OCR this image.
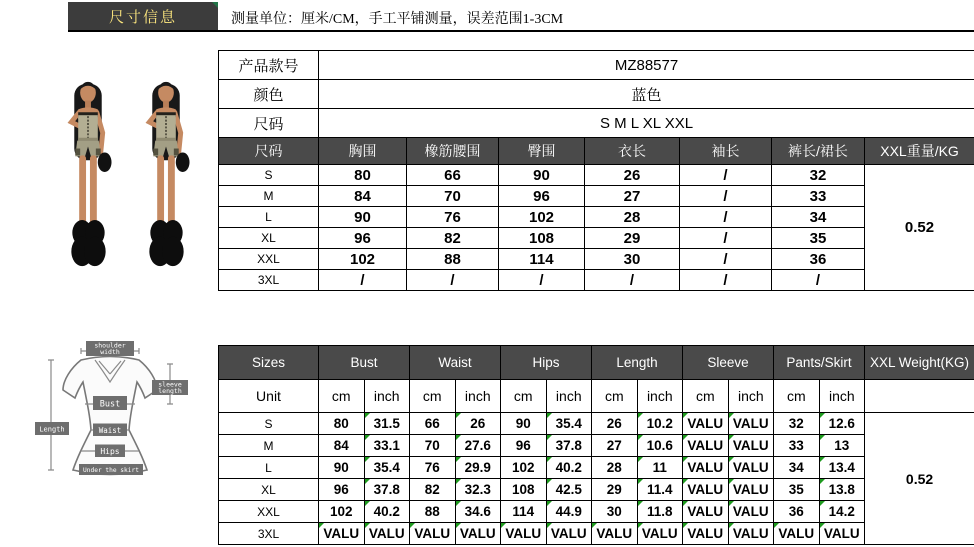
尺寸信息	测量单位：厘米/CM，手工平铺测量，误差范围1-3CM
产品款号	MZ88577						
颜色	蓝色						
尺码	S M L XL XXL						
尺码	胸围	橡筋腰围	臀围	衣长	袖长	裤长/裙长	XXL重量/KG
S	80	66	90	26	/	32	0.52
M	84	70	96	27	/	33	
L	90	76	102	28	/	34	
XL	96	82	108	29	/	35	
XXL	102	88	114	30	/	36	
3XL	/	/	/	/	/	/	
shoulder
width
sleeve
length
Bust
Waist
Hips
Length
Under the skirt
Sizes	Bust		Waist		Hips		Length		Sleeve		Pants/Skirt		XXL Weight(KG)
Unit	cm	inch	cm	inch	cm	inch	cm	inch	cm	inch	cm	inch	
S	80	31.5	66	26	90	35.4	26	10.2	VALU	VALU	32	12.6	0.52
M	84	33.1	70	27.6	96	37.8	27	10.6	VALU	VALU	33	13	

L	90	35.4	76	29.9	102	40.2	28	11	VALU	VALU	34	13.4	

XL	96	37.8	82	32.3	108	42.5	29	11.4	VALU	VALU	35	13.8	

XXL	102	40.2	88	34.6	114	44.9	30	11.8	VALU	VALU	36	14.2	

3XL	VALU	VALU	VALU	VALU	VALU	VALU	VALU	VALU	VALU	VALU	VALU	VALU	
